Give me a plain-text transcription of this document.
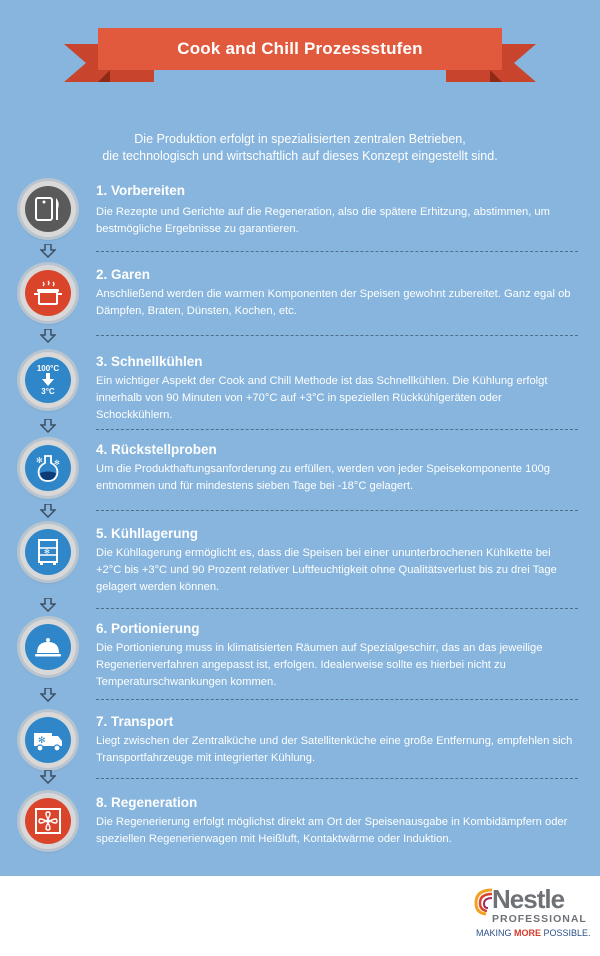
Cook and Chill Prozessstufen
Die Produktion erfolgt in spezialisierten zentralen Betrieben,
die technologisch und wirtschaftlich auf dieses Konzept eingestellt sind.
1. Vorbereiten
Die Rezepte und Gerichte auf die Regeneration, also die spätere Erhitzung, abstimmen, um bestmögliche Ergebnisse zu garantieren.
2. Garen
Anschließend werden die warmen Komponenten der Speisen gewohnt zubereitet. Ganz egal ob Dämpfen, Braten, Dünsten, Kochen, etc.
100°C
3°C
3. Schnellkühlen
Ein wichtiger Aspekt der Cook and Chill Methode ist das Schnellkühlen. Die Kühlung erfolgt innerhalb von 90 Minuten von +70°C auf +3°C in speziellen Rückkühlgeräten oder Schockkühlern.
✻ ✻
4. Rückstellproben
Um die Produkthaftungsanforderung zu erfüllen, werden von jeder Speisekomponente 100g entnommen und für mindestens sieben Tage bei -18°C gelagert.
✻
5. Kühllagerung
Die Kühllagerung ermöglicht es, dass die Speisen bei einer ununterbrochenen Kühlkette bei +2°C bis +3°C und 90 Prozent relativer Luftfeuchtigkeit ohne Qualitätsverlust bis zu drei Tage gelagert werden können.
6. Portionierung
Die Portionierung muss in klimatisierten Räumen auf Spezialgeschirr, das an das jeweilige Regenerierverfahren angepasst ist, erfolgen. Idealerweise sollte es hierbei nicht zu Temperaturschwankungen kommen.
✻
7. Transport
Liegt zwischen der Zentralküche und der Satellitenküche eine große Entfernung, empfehlen sich Transportfahrzeuge mit integrierter Kühlung.
8. Regeneration
Die Regenerierung erfolgt möglichst direkt am Ort der Speisenausgabe in Kombidämpfern oder speziellen Regenerierwagen mit Heißluft, Kontaktwärme oder Induktion.
Nestle
PROFESSIONAL
MAKING MORE POSSIBLE.
